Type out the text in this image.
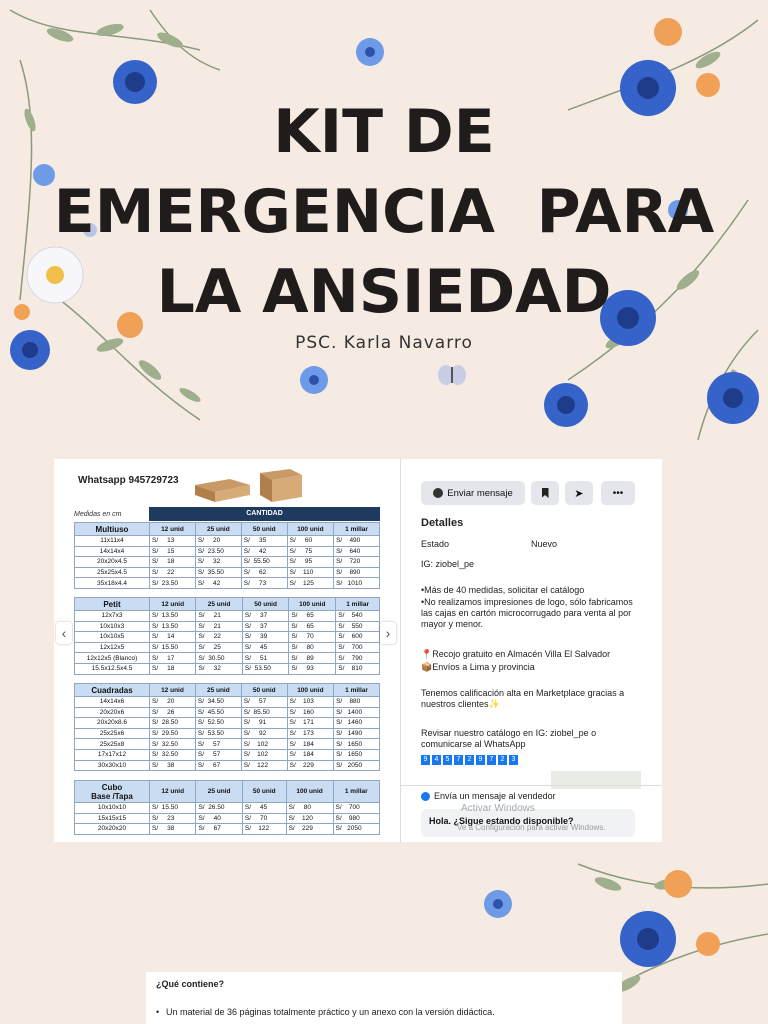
KIT DE
EMERGENCIA  PARA
LA ANSIEDAD
PSC. Karla Navarro
Whatsapp 945729723
Medidas en cm	CANTIDAD
Multiuso	12 unid	25 unid	50 unid	100 unid	1 millar
11x11x4	S/     13	S/     20	S/     35	S/     60	S/    490
14x14x4	S/     15	S/  23.50	S/     42	S/     75	S/    640
20x20x4.5	S/     18	S/     32	S/  55.50	S/     95	S/    720
25x25x4.5	S/     22	S/  35.50	S/     62	S/    110	S/    890
35x18x4.4	S/  23.50	S/     42	S/     73	S/    125	S/   1010
Petit	12 unid	25 unid	50 unid	100 unid	1 millar
12x7x3	S/  13.50	S/     21	S/     37	S/     65	S/    540
10x10x3	S/  13.50	S/     21	S/     37	S/     65	S/    550
10x10x5	S/     14	S/     22	S/     39	S/     70	S/    600
12x12x5	S/  15.50	S/     25	S/     45	S/     80	S/    700
12x12x5 (Blanco)	S/     17	S/  30.50	S/     51	S/     89	S/    790
15.5x12.5x4.5	S/     18	S/     32	S/  53.50	S/     93	S/    810
Cuadradas	12 unid	25 unid	50 unid	100 unid	1 millar
14x14x6	S/     20	S/  34.50	S/     57	S/    103	S/    880
20x20x6	S/     26	S/  45.50	S/  85.50	S/    160	S/   1400
20x20x8.6	S/  28.50	S/  52.50	S/     91	S/    171	S/   1460
25x25x6	S/  29.50	S/  53.50	S/     92	S/    173	S/   1490
25x25x8	S/  32.50	S/     57	S/    102	S/    184	S/   1650
17x17x12	S/  32.50	S/     57	S/    102	S/    184	S/   1650
30x30x10	S/     38	S/     67	S/    122	S/    229	S/   2050
Cubo
Base /Tapa	12 unid	25 unid	50 unid	100 unid	1 millar
10x10x10	S/  15.50	S/  26.50	S/     45	S/     80	S/    700
15x15x15	S/     23	S/     40	S/     70	S/    120	S/    980
20x20x20	S/     38	S/     67	S/    122	S/    229	S/   2050
‹	›
Enviar mensaje	➤	•••
Detalles
Estado	Nuevo
IG: ziobel_pe
•Más de 40 medidas, solicitar el catálogo
•No realizamos impresiones de logo, sólo fabricamos las cajas en cartón microcorrugado para venta al por mayor y menor.
📍Recojo gratuito en Almacén Villa El Salvador
📦Envíos a Lima y provincia
Tenemos calificación alta en Marketplace gracias a nuestros clientes✨
Revisar nuestro catálogo en IG: ziobel_pe o comunicarse al WhatsApp
9	4	5	7	2	9	7	2	3
Envía un mensaje al vendedor
Hola. ¿Sigue estando disponible?
Activar Windows
Ve a Configuración para activar Windows.
¿Qué contiene?
• Un material de 36 páginas totalmente práctico y un anexo con la versión didáctica.
